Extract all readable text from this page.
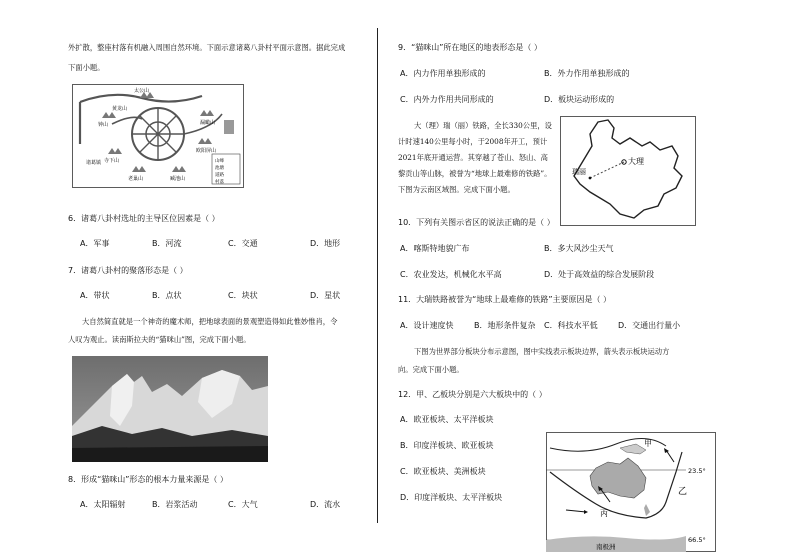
外扩散，整座村落有机融入周围自然环境。下面示意诸葛八卦村平面示意图。据此完成
下面小题。
诸葛镇
太公山
钟山
黄龙山
漏瞰山
欧阳屏山
寺下山
老巢山	臧池山
山峰
池塘
道路
村落
6．诸葛八卦村选址的主导区位因素是（ ）
A．军事	B．河流	C．交通	D．地形
7．诸葛八卦村的聚落形态是（ ）
A．带状	B．点状	C．块状	D．星状
大自然简直就是一个神奇的魔术师，把地球表面的景观塑造得如此惟妙惟肖，令
人叹为观止。读南斯拉夫的“猫咪山”图，完成下面小题。
8．形成“猫咪山”形态的根本力量来源是（ ）
A．太阳辐射	B．岩浆活动	C．大气	D．流水
9．“猫咪山”所在地区的地表形态是（ ）
A．内力作用单独形成的	B．外力作用单独形成的
C．内外力作用共同形成的	D．板块运动形成的
大（理）瑞（丽）铁路，全长330公里，设
计时速140公里每小时，于2008年开工，预计
2021年底开通运营。其穿越了苍山、怒山、高
黎贡山等山脉，被誉为“地球上最难修的铁路”。
下图为云南区域图。完成下面小题。
大理
瑞丽
10．下列有关图示省区的说法正确的是（ ）
A．喀斯特地貌广布	B．多大风沙尘天气
C．农业发达，机械化水平高	D．处于高效益的综合发展阶段
11．大瑞铁路被誉为“地球上最难修的铁路”主要原因是（ ）
A．设计速度快	B．地形条件复杂 C．科技水平低	D．交通出行量小
下图为世界部分板块分布示意图，图中实线表示板块边界，箭头表示板块运动方
向。完成下面小题。
12．甲、乙板块分别是六大板块中的（ ）
A．欧亚板块、太平洋板块
B．印度洋板块、欧亚板块
C．欧亚板块、美洲板块
D．印度洋板块、太平洋板块
甲
乙
丙
23.5°
66.5°
南极洲
